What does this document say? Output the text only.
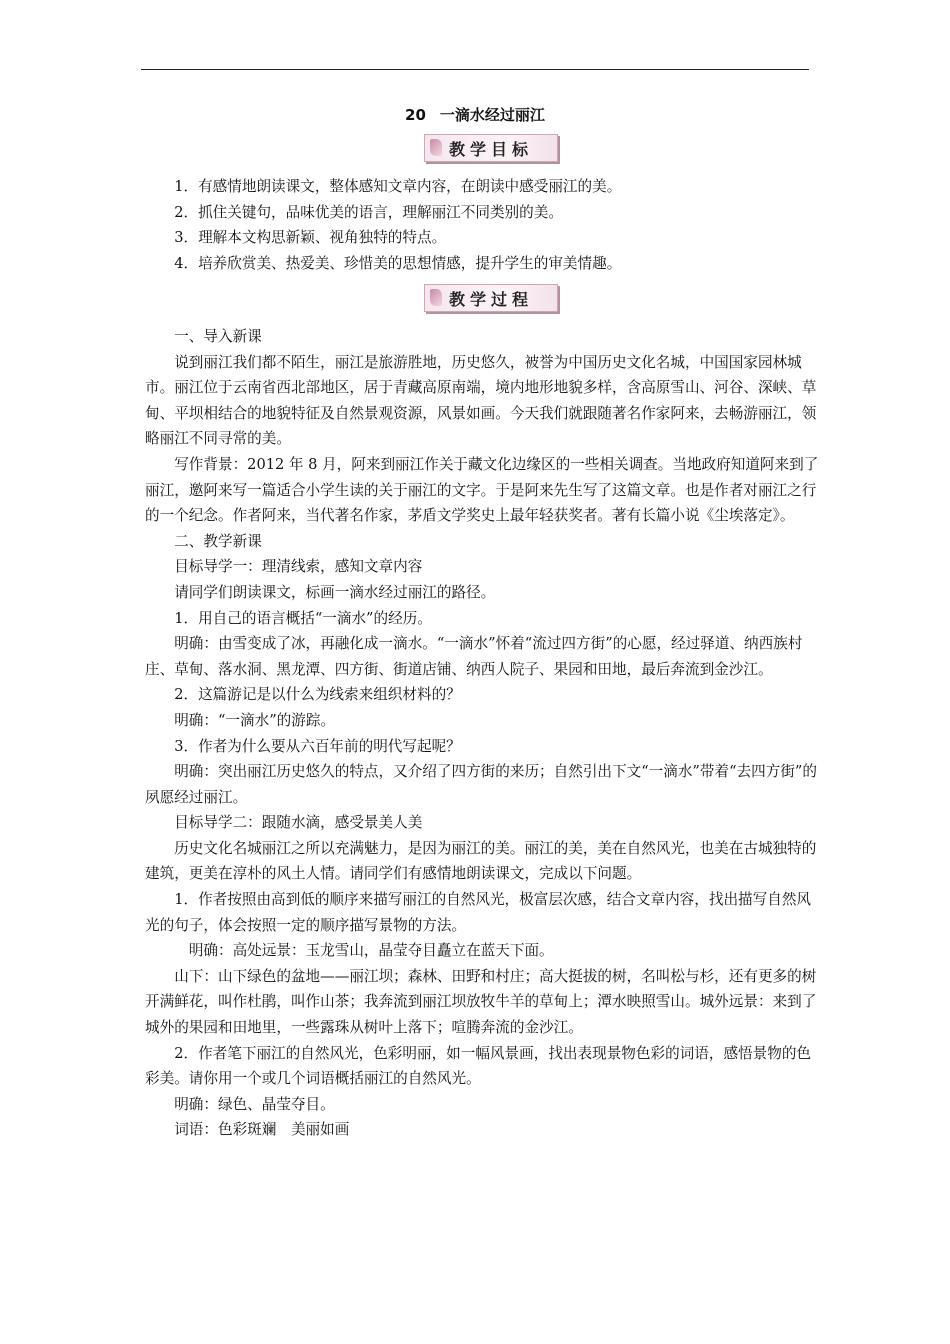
20 一滴水经过丽江
教学目标

1．有感情地朗读课文，整体感知文章内容，在朗读中感受丽江的美。

2．抓住关键句，品味优美的语言，理解丽江不同类别的美。

3．理解本文构思新颖、视角独特的特点。

4．培养欣赏美、热爱美、珍惜美的思想情感，提升学生的审美情趣。

教学过程

一、导入新课

说到丽江我们都不陌生，丽江是旅游胜地，历史悠久，被誉为中国历史文化名城，中国国家园林城市。丽江位于云南省西北部地区，居于青藏高原南端，境内地形地貌多样，含高原雪山、河谷、深峡、草甸、平坝相结合的地貌特征及自然景观资源，风景如画。今天我们就跟随著名作家阿来，去畅游丽江，领略丽江不同寻常的美。

写作背景：2012 年 8 月，阿来到丽江作关于藏文化边缘区的一些相关调查。当地政府知道阿来到了丽江，邀阿来写一篇适合小学生读的关于丽江的文字。于是阿来先生写了这篇文章。也是作者对丽江之行的一个纪念。作者阿来，当代著名作家，茅盾文学奖史上最年轻获奖者。著有长篇小说《尘埃落定》。

二、教学新课

目标导学一：理清线索，感知文章内容

请同学们朗读课文，标画一滴水经过丽江的路径。

1．用自己的语言概括“一滴水”的经历。

明确：由雪变成了冰，再融化成一滴水。“一滴水”怀着“流过四方街”的心愿，经过驿道、纳西族村庄、草甸、落水洞、黑龙潭、四方街、街道店铺、纳西人院子、果园和田地，最后奔流到金沙江。

2．这篇游记是以什么为线索来组织材料的？

明确：“一滴水”的游踪。

3．作者为什么要从六百年前的明代写起呢？

明确：突出丽江历史悠久的特点，又介绍了四方街的来历；自然引出下文“一滴水”带着“去四方街”的夙愿经过丽江。

目标导学二：跟随水滴，感受景美人美

历史文化名城丽江之所以充满魅力，是因为丽江的美。丽江的美，美在自然风光，也美在古城独特的建筑，更美在淳朴的风土人情。请同学们有感情地朗读课文，完成以下问题。

1．作者按照由高到低的顺序来描写丽江的自然风光，极富层次感，结合文章内容，找出描写自然风光的句子，体会按照一定的顺序描写景物的方法。

明确：高处远景：玉龙雪山，晶莹夺目矗立在蓝天下面。

山下：山下绿色的盆地——丽江坝；森林、田野和村庄；高大挺拔的树，名叫松与杉，还有更多的树开满鲜花，叫作杜鹃，叫作山茶；我奔流到丽江坝放牧牛羊的草甸上；潭水映照雪山。城外远景：来到了城外的果园和田地里，一些露珠从树叶上落下；喧腾奔流的金沙江。

2．作者笔下丽江的自然风光，色彩明丽，如一幅风景画，找出表现景物色彩的词语，感悟景物的色彩美。请你用一个或几个词语概括丽江的自然风光。

明确：绿色、晶莹夺目。

词语：色彩斑斓　美丽如画
